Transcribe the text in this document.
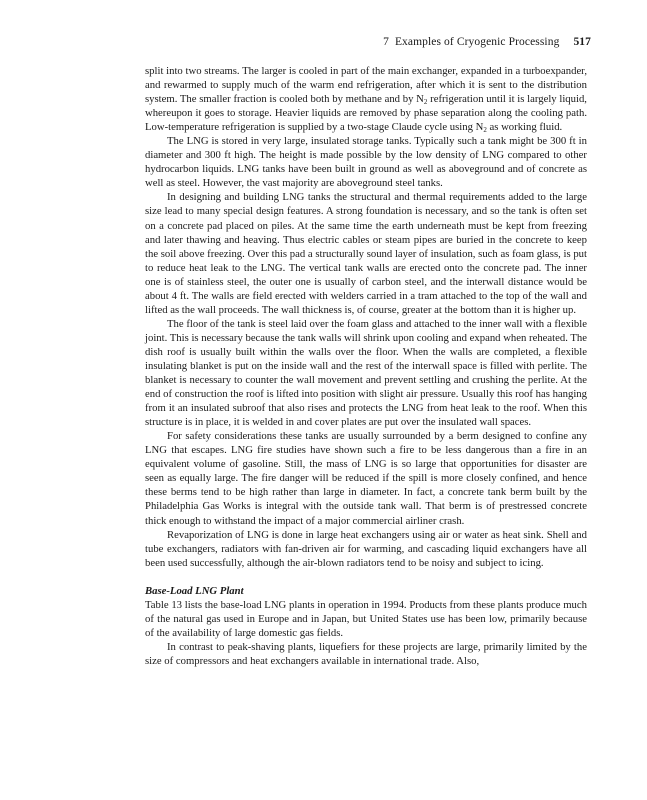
7 Examples of Cryogenic Processing 517

split into two streams. The larger is cooled in part of the main exchanger, expanded in a turboexpander, and rewarmed to supply much of the warm end refrigeration, after which it is sent to the distribution system. The smaller fraction is cooled both by methane and by $N_2$ refrigeration until it is largely liquid, whereupon it goes to storage. Heavier liquids are removed by phase separation along the cooling path. Low-temperature refrigeration is supplied by a two-stage Claude cycle using $N_2$ as working fluid.

The LNG is stored in very large, insulated storage tanks. Typically such a tank might be 300 ft in diameter and 300 ft high. The height is made possible by the low density of LNG compared to other hydrocarbon liquids. LNG tanks have been built in ground as well as aboveground and of concrete as well as steel. However, the vast majority are aboveground steel tanks.

In designing and building LNG tanks the structural and thermal requirements added to the large size lead to many special design features. A strong foundation is necessary, and so the tank is often set on a concrete pad placed on piles. At the same time the earth underneath must be kept from freezing and later thawing and heaving. Thus electric cables or steam pipes are buried in the concrete to keep the soil above freezing. Over this pad a structurally sound layer of insulation, such as foam glass, is put to reduce heat leak to the LNG. The vertical tank walls are erected onto the concrete pad. The inner one is of stainless steel, the outer one is usually of carbon steel, and the interwall distance would be about 4 ft. The walls are field erected with welders carried in a tram attached to the top of the wall and lifted as the wall proceeds. The wall thickness is, of course, greater at the bottom than it is higher up.

The floor of the tank is steel laid over the foam glass and attached to the inner wall with a flexible joint. This is necessary because the tank walls will shrink upon cooling and expand when reheated. The dish roof is usually built within the walls over the floor. When the walls are completed, a flexible insulating blanket is put on the inside wall and the rest of the interwall space is filled with perlite. The blanket is necessary to counter the wall movement and prevent settling and crushing the perlite. At the end of construction the roof is lifted into position with slight air pressure. Usually this roof has hanging from it an insulated subroof that also rises and protects the LNG from heat leak to the roof. When this structure is in place, it is welded in and cover plates are put over the insulated wall spaces.

For safety considerations these tanks are usually surrounded by a berm designed to confine any LNG that escapes. LNG fire studies have shown such a fire to be less dangerous than a fire in an equivalent volume of gasoline. Still, the mass of LNG is so large that opportunities for disaster are seen as equally large. The fire danger will be reduced if the spill is more closely confined, and hence these berms tend to be high rather than large in diameter. In fact, a concrete tank berm built by the Philadelphia Gas Works is integral with the outside tank wall. That berm is of prestressed concrete thick enough to withstand the impact of a major commercial airliner crash.

Revaporization of LNG is done in large heat exchangers using air or water as heat sink. Shell and tube exchangers, radiators with fan-driven air for warming, and cascading liquid exchangers have all been used successfully, although the air-blown radiators tend to be noisy and subject to icing.

Base-Load LNG Plant

Table 13 lists the base-load LNG plants in operation in 1994. Products from these plants produce much of the natural gas used in Europe and in Japan, but United States use has been low, primarily because of the availability of large domestic gas fields.

In contrast to peak-shaving plants, liquefiers for these projects are large, primarily limited by the size of compressors and heat exchangers available in international trade. Also,
